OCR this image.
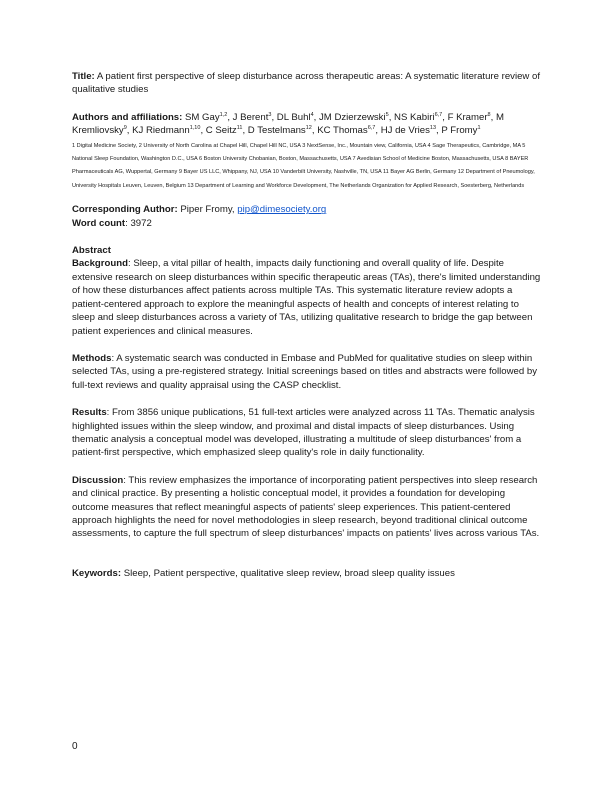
Title: A patient first perspective of sleep disturbance across therapeutic areas: A systematic literature review of qualitative studies

Authors and affiliations: SM Gay$^{1,2}$, J Berent$^3$, DL Buhl$^4$, JM Dzierzewski$^5$, NS Kabiri$^{6,7}$, F Kramer$^8$, M Kremliovsky$^9$, KJ Riedmann$^{1,10}$, C Seitz$^{11}$, D Testelmans$^{12}$, KC Thomas$^{6,7}$, HJ de Vries$^{13}$, P Fromy$^1$

1 Digital Medicine Society, 2 University of North Carolina at Chapel Hill, Chapel Hill NC, USA 3 NextSense, Inc., Mountain view, California, USA 4 Sage Therapeutics, Cambridge, MA 5 National Sleep Foundation, Washington D.C., USA 6 Boston University Chobanian, Boston, Massachusetts, USA 7 Avedisian School of Medicine Boston, Massachusetts, USA 8 BAYER Pharmaceuticals AG, Wuppertal, Germany 9 Bayer US LLC, Whippany, NJ, USA 10 Vanderbilt University, Nashville, TN, USA 11 Bayer AG Berlin, Germany 12 Department of Pneumology, University Hospitals Leuven, Leuven, Belgium 13 Department of Learning and Workforce Development, The Netherlands Organization for Applied Research, Soesterberg, Netherlands

Corresponding Author: Piper Fromy, pip@dimesociety.org

Word count: 3972

Abstract

Background: Sleep, a vital pillar of health, impacts daily functioning and overall quality of life. Despite extensive research on sleep disturbances within specific therapeutic areas (TAs), there's limited understanding of how these disturbances affect patients across multiple TAs. This systematic literature review adopts a patient-centered approach to explore the meaningful aspects of health and concepts of interest relating to sleep and sleep disturbances across a variety of TAs, utilizing qualitative research to bridge the gap between patient experiences and clinical measures.

Methods: A systematic search was conducted in Embase and PubMed for qualitative studies on sleep within selected TAs, using a pre-registered strategy. Initial screenings based on titles and abstracts were followed by full-text reviews and quality appraisal using the CASP checklist.

Results: From 3856 unique publications, 51 full-text articles were analyzed across 11 TAs. Thematic analysis highlighted issues within the sleep window, and proximal and distal impacts of sleep disturbances. Using thematic analysis a conceptual model was developed, illustrating a multitude of sleep disturbances' from a patient-first perspective, which emphasized sleep quality's role in daily functionality.

Discussion: This review emphasizes the importance of incorporating patient perspectives into sleep research and clinical practice. By presenting a holistic conceptual model, it provides a foundation for developing outcome measures that reflect meaningful aspects of patients' sleep experiences. This patient-centered approach highlights the need for novel methodologies in sleep research, beyond traditional clinical outcome assessments, to capture the full spectrum of sleep disturbances' impacts on patients' lives across various TAs.

Keywords: Sleep, Patient perspective, qualitative sleep review, broad sleep quality issues

0
